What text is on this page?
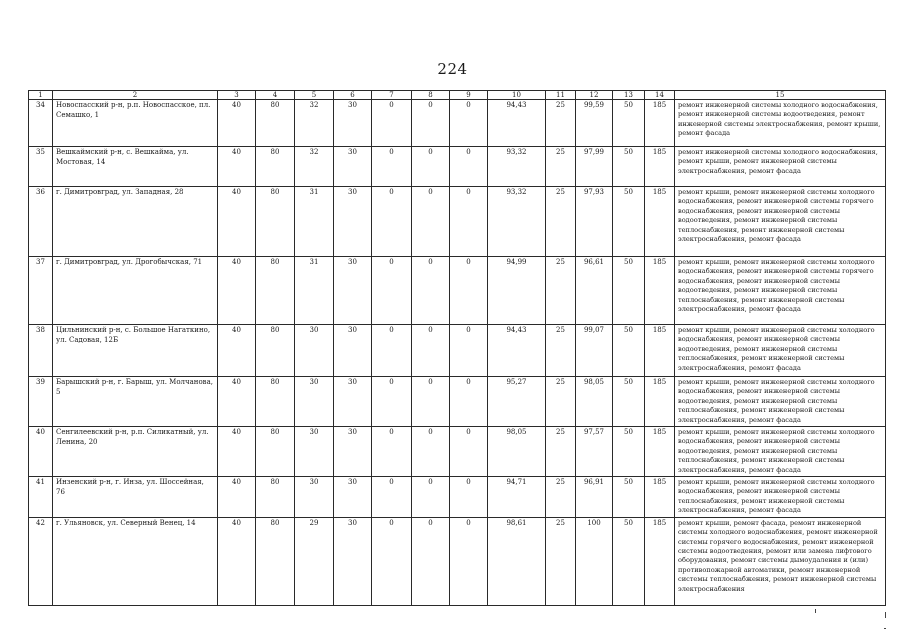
224
1	2	3	4	5	6	7	8	9	10	11	12	13	14	15
34	Новоспасский р-н, р.п. Новоспасское, пл. Семашко, 1	40	80	32	30	0	0	0	94,43	25	99,59	50	185	ремонт инженерной системы холодного водоснабжения, ремонт инженерной системы водоотведения, ремонт инженерной системы электроснабжения, ремонт крыши, ремонт фасада
35	Вешкаймский р-н, с. Вешкайма, ул. Мостовая, 14	40	80	32	30	0	0	0	93,32	25	97,99	50	185	ремонт инженерной системы холодного водоснабжения, ремонт крыши, ремонт инженерной системы электроснабжения, ремонт фасада
36	г. Димитровград, ул. Западная, 28	40	80	31	30	0	0	0	93,32	25	97,93	50	185	ремонт крыши, ремонт инженерной системы холодного водоснабжения, ремонт инженерной системы горячего водоснабжения, ремонт инженерной системы водоотведения, ремонт инженерной системы теплоснабжения, ремонт инженерной системы электроснабжения, ремонт фасада
37	г. Димитровград, ул. Дрогобычская, 71	40	80	31	30	0	0	0	94,99	25	96,61	50	185	ремонт крыши, ремонт инженерной системы холодного водоснабжения, ремонт инженерной системы горячего водоснабжения, ремонт инженерной системы водоотведения, ремонт инженерной системы теплоснабжения, ремонт инженерной системы электроснабжения, ремонт фасада
38	Цильнинский р-н, с. Большое Нагаткино, ул. Садовая, 12Б	40	80	30	30	0	0	0	94,43	25	99,07	50	185	ремонт крыши, ремонт инженерной системы холодного водоснабжения, ремонт инженерной системы водоотведения, ремонт инженерной системы теплоснабжения, ремонт инженерной системы электроснабжения, ремонт фасада
39	Барышский р-н, г. Барыш, ул. Молчанова, 5	40	80	30	30	0	0	0	95,27	25	98,05	50	185	ремонт крыши, ремонт инженерной системы холодного водоснабжения, ремонт инженерной системы водоотведения, ремонт инженерной системы теплоснабжения, ремонт инженерной системы электроснабжения, ремонт фасада
40	Сенгилеевский р-н, р.п. Силикатный, ул. Ленина, 20	40	80	30	30	0	0	0	98,05	25	97,57	50	185	ремонт крыши, ремонт инженерной системы холодного водоснабжения, ремонт инженерной системы водоотведения, ремонт инженерной системы теплоснабжения, ремонт инженерной системы электроснабжения, ремонт фасада
41	Инзенский р-н, г. Инза, ул. Шоссейная, 76	40	80	30	30	0	0	0	94,71	25	96,91	50	185	ремонт крыши, ремонт инженерной системы холодного водоснабжения, ремонт инженерной системы теплоснабжения, ремонт инженерной системы электроснабжения, ремонт фасада
42	г. Ульяновск, ул. Северный Венец, 14	40	80	29	30	0	0	0	98,61	25	100	50	185	ремонт крыши, ремонт фасада, ремонт инженерной системы холодного водоснабжения, ремонт инженерной системы горячего водоснабжения, ремонт инженерной системы водоотведения, ремонт или замена лифтового оборудования, ремонт системы дымоудаления и (или) противопожарной автоматики, ремонт инженерной системы теплоснабжения, ремонт инженерной системы электроснабжения
